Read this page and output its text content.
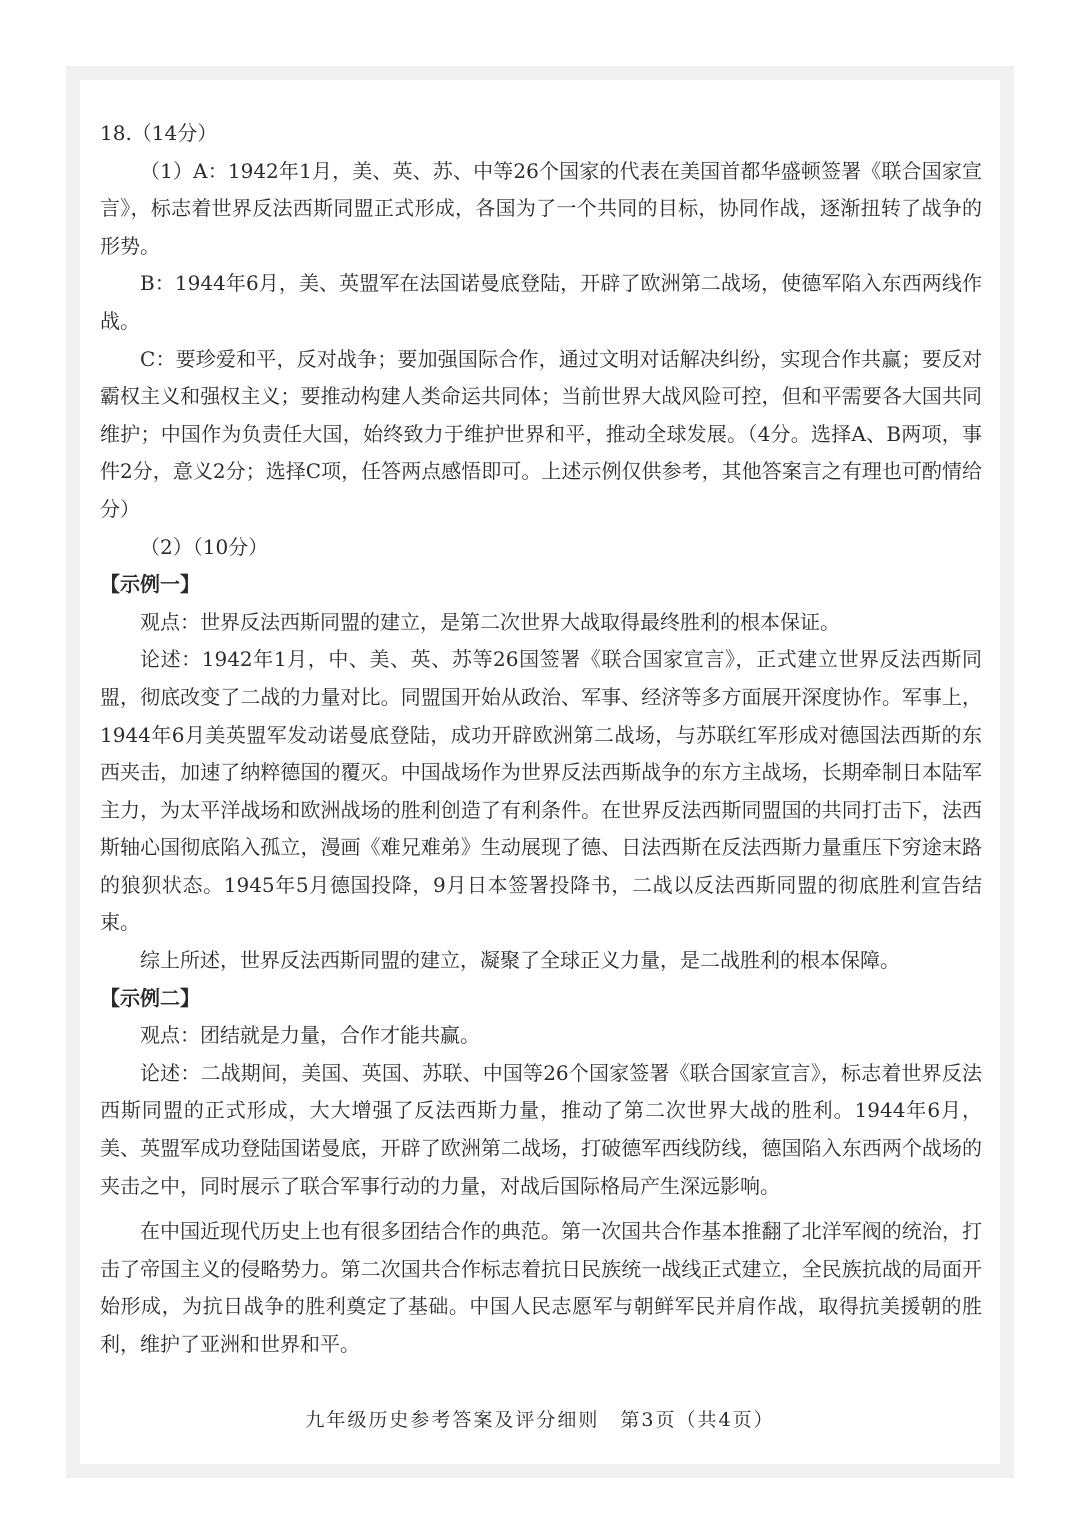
18.（14分）

（1）A：1942年1月，美、英、苏、中等26个国家的代表在美国首都华盛顿签署《联合国家宣言》，标志着世界反法西斯同盟正式形成，各国为了一个共同的目标，协同作战，逐渐扭转了战争的形势。

B：1944年6月，美、英盟军在法国诺曼底登陆，开辟了欧洲第二战场，使德军陷入东西两线作战。

C：要珍爱和平，反对战争；要加强国际合作，通过文明对话解决纠纷，实现合作共赢；要反对霸权主义和强权主义；要推动构建人类命运共同体；当前世界大战风险可控，但和平需要各大国共同维护；中国作为负责任大国，始终致力于维护世界和平，推动全球发展。（4分。选择A、B两项，事件2分，意义2分；选择C项，任答两点感悟即可。上述示例仅供参考，其他答案言之有理也可酌情给分）

（2）（10分）

【示例一】

观点：世界反法西斯同盟的建立，是第二次世界大战取得最终胜利的根本保证。

论述：1942年1月，中、美、英、苏等26国签署《联合国家宣言》，正式建立世界反法西斯同盟，彻底改变了二战的力量对比。同盟国开始从政治、军事、经济等多方面展开深度协作。军事上，1944年6月美英盟军发动诺曼底登陆，成功开辟欧洲第二战场，与苏联红军形成对德国法西斯的东西夹击，加速了纳粹德国的覆灭。中国战场作为世界反法西斯战争的东方主战场，长期牵制日本陆军主力，为太平洋战场和欧洲战场的胜利创造了有利条件。在世界反法西斯同盟国的共同打击下，法西斯轴心国彻底陷入孤立，漫画《难兄难弟》生动展现了德、日法西斯在反法西斯力量重压下穷途末路的狼狈状态。1945年5月德国投降，9月日本签署投降书，二战以反法西斯同盟的彻底胜利宣告结束。

综上所述，世界反法西斯同盟的建立，凝聚了全球正义力量，是二战胜利的根本保障。

【示例二】

观点：团结就是力量，合作才能共赢。

论述：二战期间，美国、英国、苏联、中国等26个国家签署《联合国家宣言》，标志着世界反法西斯同盟的正式形成，大大增强了反法西斯力量，推动了第二次世界大战的胜利。1944年6月，美、英盟军成功登陆国诺曼底，开辟了欧洲第二战场，打破德军西线防线，德国陷入东西两个战场的夹击之中，同时展示了联合军事行动的力量，对战后国际格局产生深远影响。

在中国近现代历史上也有很多团结合作的典范。第一次国共合作基本推翻了北洋军阀的统治，打击了帝国主义的侵略势力。第二次国共合作标志着抗日民族统一战线正式建立，全民族抗战的局面开始形成，为抗日战争的胜利奠定了基础。中国人民志愿军与朝鲜军民并肩作战，取得抗美援朝的胜利，维护了亚洲和世界和平。

九年级历史参考答案及评分细则　第3页（共4页）
